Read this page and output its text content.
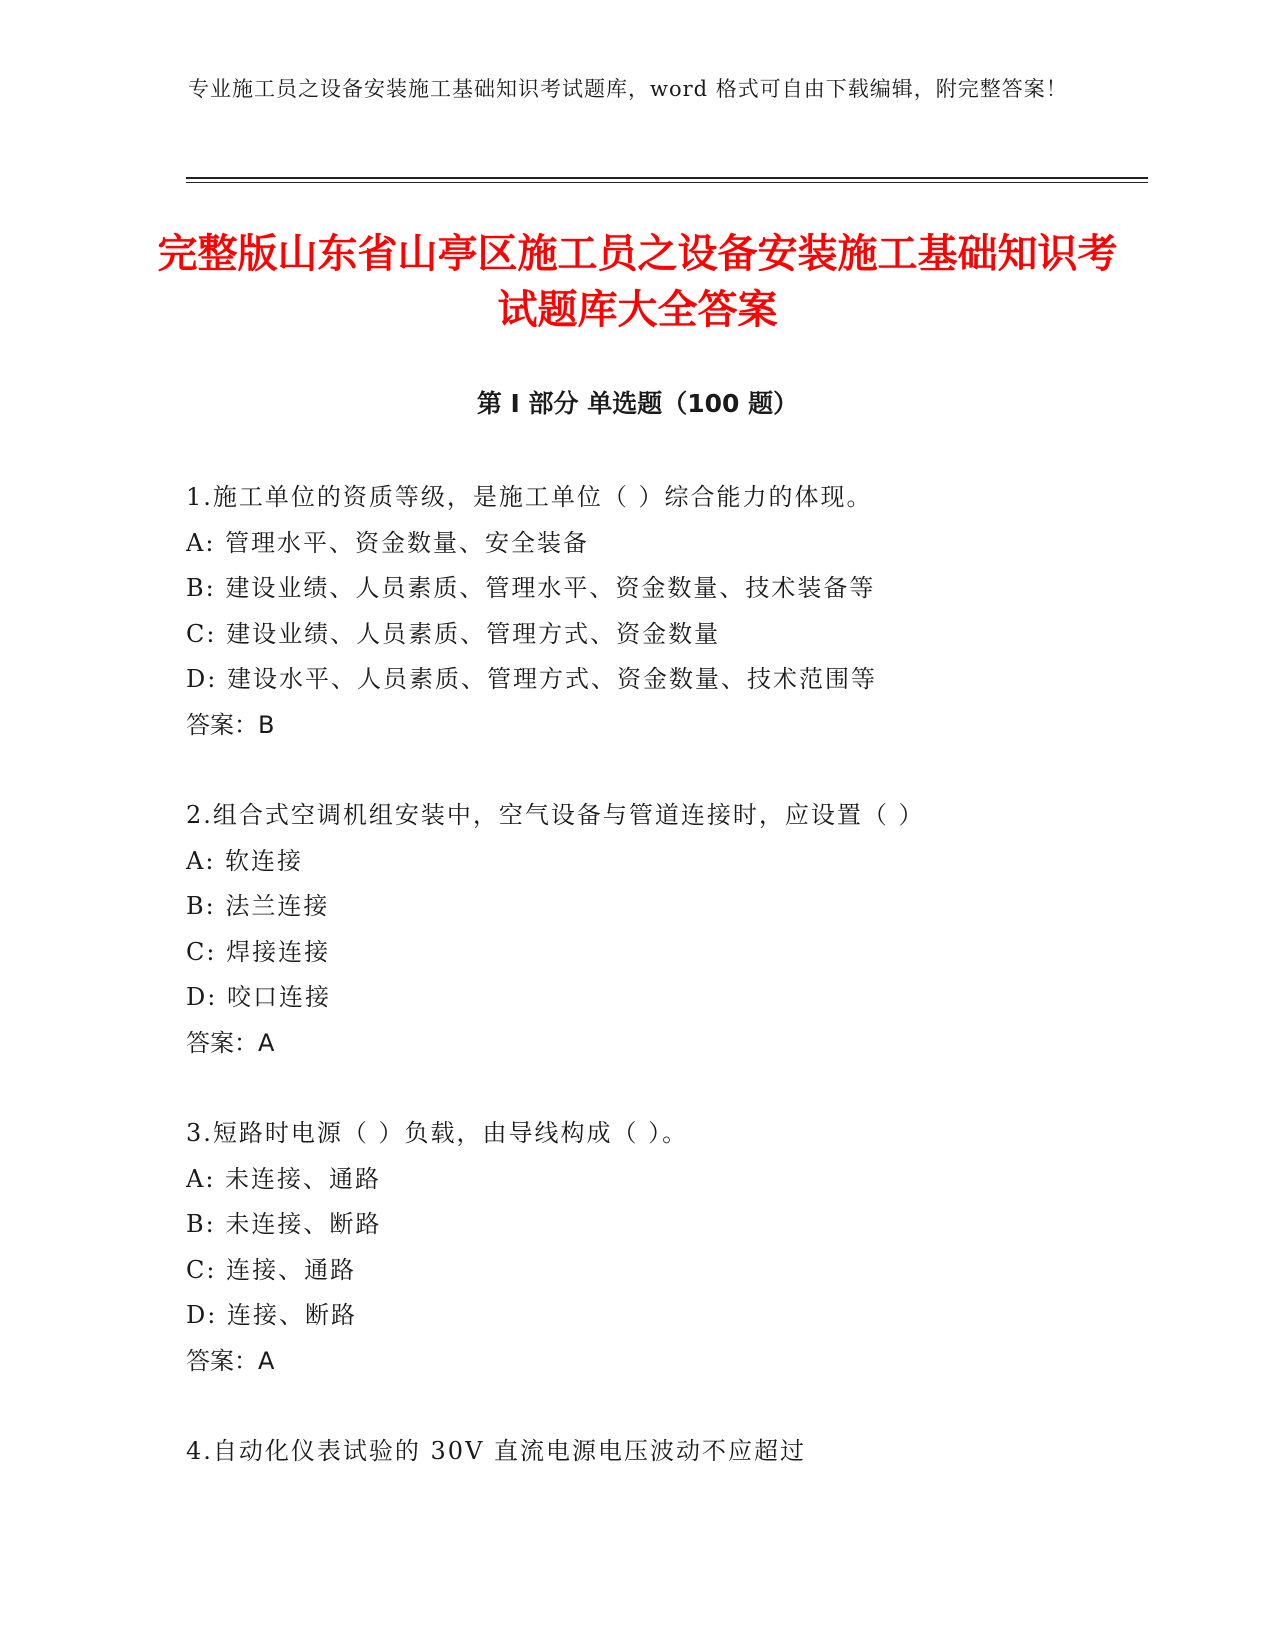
专业施工员之设备安装施工基础知识考试题库，word 格式可自由下载编辑，附完整答案！
完整版山东省山亭区施工员之设备安装施工基础知识考试题库大全答案
第 I 部分 单选题（100 题）
1.施工单位的资质等级，是施工单位（ ）综合能力的体现。
A: 管理水平、资金数量、安全装备
B: 建设业绩、人员素质、管理水平、资金数量、技术装备等
C: 建设业绩、人员素质、管理方式、资金数量
D: 建设水平、人员素质、管理方式、资金数量、技术范围等
答案：B
2.组合式空调机组安装中，空气设备与管道连接时，应设置（ ）
A: 软连接
B: 法兰连接
C: 焊接连接
D: 咬口连接
答案：A
3.短路时电源（ ）负载，由导线构成（ ）。
A: 未连接、通路
B: 未连接、断路
C: 连接、通路
D: 连接、断路
答案：A
4.自动化仪表试验的 30V 直流电源电压波动不应超过
